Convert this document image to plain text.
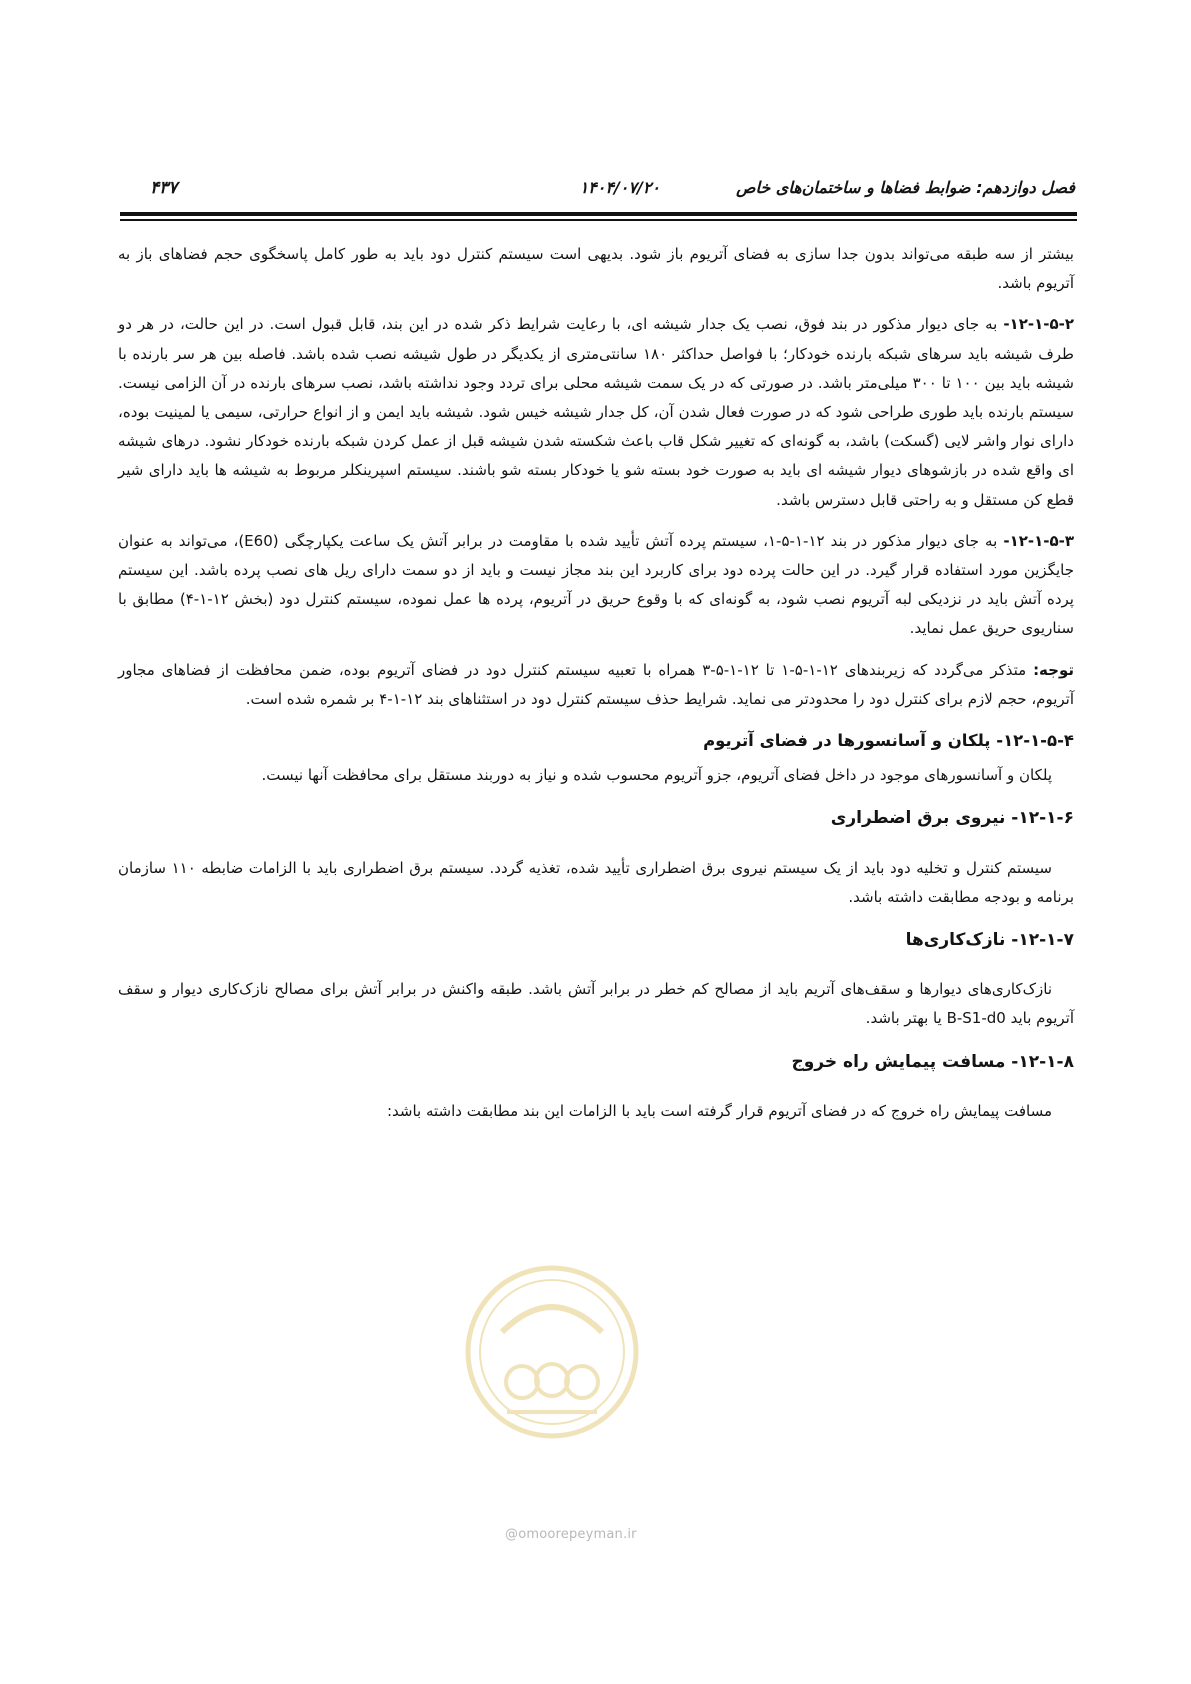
فصل دوازدهم: ضوابط فضاها و ساختمان‌های خاص
۱۴۰۴/۰۷/۲۰
۴۳۷

بیشتر از سه طبقه می‌تواند بدون جدا سازی به فضای آتریوم باز شود. بدیهی است سیستم کنترل دود باید به طور کامل پاسخگوی حجم فضاهای باز به آتریوم باشد.

۱۲-۱-۵-۲- به جای دیوار مذکور در بند فوق، نصب یک جدار شیشه ای، با رعایت شرایط ذکر شده در این بند، قابل قبول است. در این حالت، در هر دو طرف شیشه باید سرهای شبکه بارنده خودکار؛ با فواصل حداکثر ۱۸۰ سانتی‌متری از یکدیگر در طول شیشه نصب شده باشد. فاصله بین هر سر بارنده با شیشه باید بین ۱۰۰ تا ۳۰۰ میلی‌متر باشد. در صورتی که در یک سمت شیشه محلی برای تردد وجود نداشته باشد، نصب سرهای بارنده در آن الزامی نیست. سیستم بارنده باید طوری طراحی شود که در صورت فعال شدن آن، کل جدار شیشه خیس شود. شیشه باید ایمن و از انواع حرارتی، سیمی یا لمینیت بوده، دارای نوار واشر لایی (گسکت) باشد، به گونه‌ای که تغییر شکل قاب باعث شکسته شدن شیشه قبل از عمل کردن شبکه بارنده خودکار نشود. درهای شیشه ای واقع شده در بازشوهای دیوار شیشه ای باید به صورت خود بسته شو یا خودکار بسته شو باشند. سیستم اسپرینکلر مربوط به شیشه ها باید دارای شیر قطع کن مستقل و به راحتی قابل دسترس باشد.

۱۲-۱-۵-۳- به جای دیوار مذکور در بند ۱۲-۱-۵-۱، سیستم پرده آتش تأیید شده با مقاومت در برابر آتش یک ساعت یکپارچگی (E60)، می‌تواند به عنوان جایگزین مورد استفاده قرار گیرد. در این حالت پرده دود برای کاربرد این بند مجاز نیست و باید از دو سمت دارای ریل های نصب پرده باشد. این سیستم پرده آتش باید در نزدیکی لبه آتریوم نصب شود، به گونه‌ای که با وقوع حریق در آتریوم، پرده ها عمل نموده، سیستم کنترل دود (بخش ۱۲-۱-۴) مطابق با سناریوی حریق عمل نماید.

توجه: متذکر می‌گردد که زیربندهای ۱۲-۱-۵-۱ تا ۱۲-۱-۵-۳ همراه با تعبیه سیستم کنترل دود در فضای آتریوم بوده، ضمن محافظت از فضاهای مجاور آتریوم، حجم لازم برای کنترل دود را محدودتر می نماید. شرایط حذف سیستم کنترل دود در استثناهای بند ۱۲-۱-۴ بر شمره شده است.

۱۲-۱-۵-۴- پلکان و آسانسورها در فضای آتریوم

پلکان و آسانسورهای موجود در داخل فضای آتریوم، جزو آتریوم محسوب شده و نیاز به دوربند مستقل برای محافظت آنها نیست.

۱۲-۱-۶- نیروی برق اضطراری

سیستم کنترل و تخلیه دود باید از یک سیستم نیروی برق اضطراری تأیید شده، تغذیه گردد. سیستم برق اضطراری باید با الزامات ضابطه ۱۱۰ سازمان برنامه و بودجه مطابقت داشته باشد.

۱۲-۱-۷- نازک‌کاری‌ها

نازک‌کاری‌های دیوارها و سقف‌های آتریم باید از مصالح کم خطر در برابر آتش باشد. طبقه واکنش در برابر آتش برای مصالح نازک‌کاری دیوار و سقف آتریوم باید B-S1-d0 یا بهتر باشد.

۱۲-۱-۸- مسافت پیمایش راه خروج

مسافت پیمایش راه خروج که در فضای آتریوم قرار گرفته است باید با الزامات این بند مطابقت داشته باشد:

@omoorepeyman.ir
